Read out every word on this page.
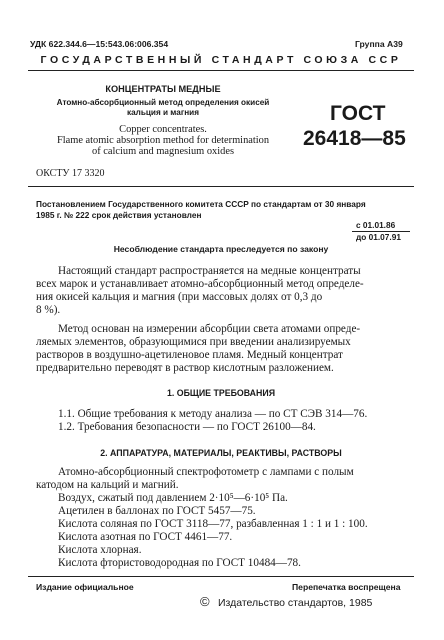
УДК 622.344.6—15:543.06:006.354	Группа А39
ГОСУДАРСТВЕННЫЙ СТАНДАРТ СОЮЗА ССР
КОНЦЕНТРАТЫ МЕДНЫЕ
Атомно-абсорбционный метод определения окисей
кальция и магния
Copper concentrates.
Flame atomic absorption method for determination
of calcium and magnesium oxides
ГОСТ
26418—85
ОКСТУ 17 3320
Постановлением Государственного комитета СССР по стандартам от 30 января
1985 г. № 222 срок действия установлен
с 01.01.86
до 01.07.91
Несоблюдение стандарта преследуется по закону
Настоящий стандарт распространяется на медные концентраты
всех марок и устанавливает атомно-абсорбционный метод определе-
ния окисей кальция и магния (при массовых долях от 0,3 до
8 %).
Метод основан на измерении абсорбции света атомами опреде-
ляемых элементов, образующимися при введении анализируемых
растворов в воздушно-ацетиленовое пламя. Медный концентрат
предварительно переводят в раствор кислотным разложением.
1. ОБЩИЕ ТРЕБОВАНИЯ
1.1. Общие требования к методу анализа — по СТ СЭВ 314—76.
1.2. Требования безопасности — по ГОСТ 26100—84.
2. АППАРАТУРА, МАТЕРИАЛЫ, РЕАКТИВЫ, РАСТВОРЫ
Атомно-абсорбционный спектрофотометр с лампами с полым
катодом на кальций и магний.
Воздух, сжатый под давлением 2·10⁵—6·10⁵ Па.
Ацетилен в баллонах по ГОСТ 5457—75.
Кислота соляная по ГОСТ 3118—77, разбавленная 1 : 1 и 1 : 100.
Кислота азотная по ГОСТ 4461—77.
Кислота хлорная.
Кислота фтористоводородная по ГОСТ 10484—78.
Издание официальное	Перепечатка воспрещена
© Издательство стандартов, 1985
